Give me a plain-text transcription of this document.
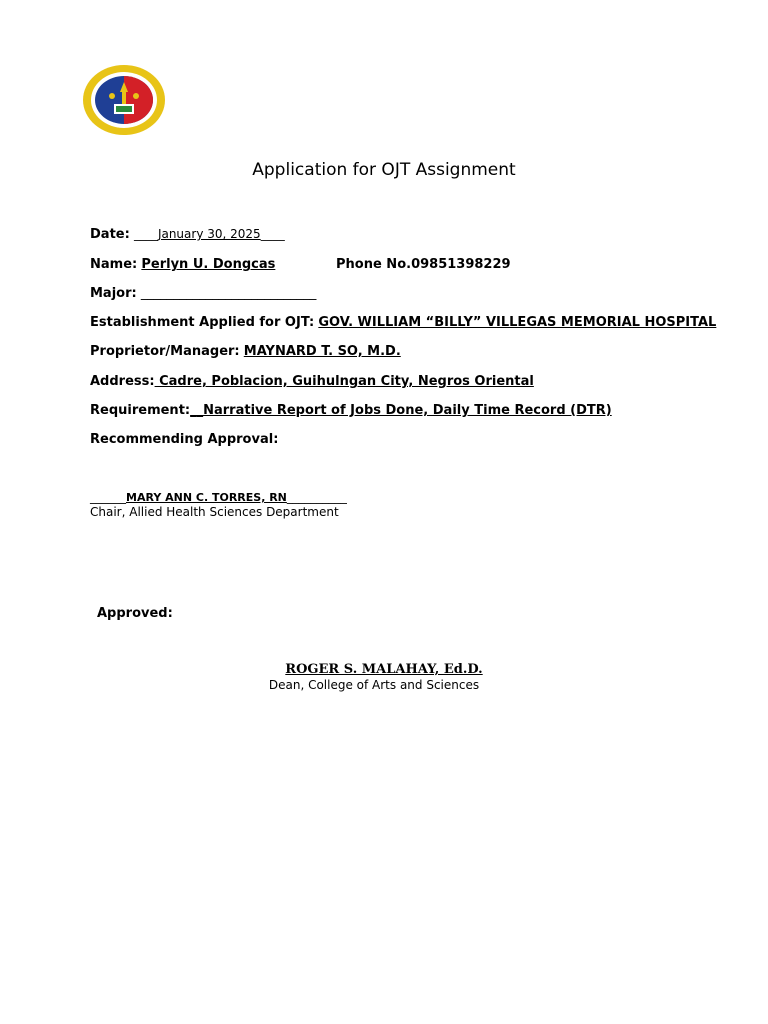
Application for OJT Assignment
Date: ____January 30, 2025____
Name: Perlyn U. Dongcas	Phone No.09851398229
Major: ___________________________
Establishment Applied for OJT: GOV. WILLIAM “BILLY” VILLEGAS MEMORIAL HOSPITAL
Proprietor/Manager: MAYNARD T. SO, M.D.
Address: Cadre, Poblacion, Guihulngan City, Negros Oriental
Requirement:__Narrative Report of Jobs Done, Daily Time Record (DTR)
Recommending Approval:
______MARY ANN C. TORRES, RN__________
Chair, Allied Health Sciences Department
Approved:
ROGER S. MALAHAY, Ed.D.
Dean, College of Arts and Sciences
